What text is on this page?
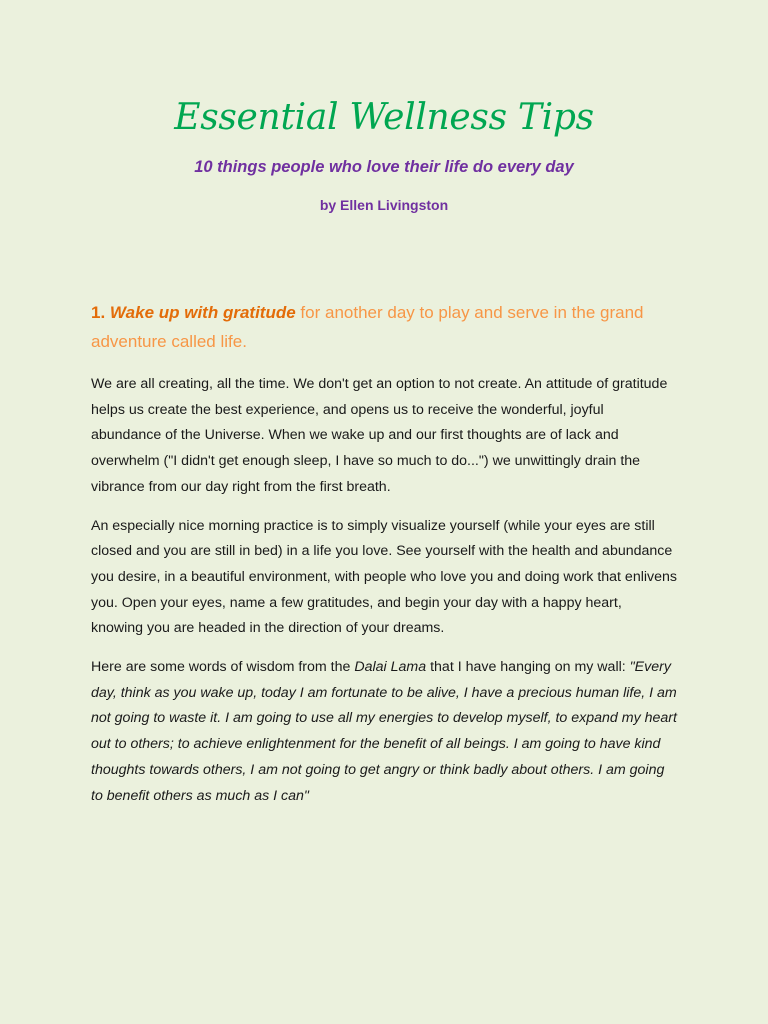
Essential Wellness Tips

10 things people who love their life do every day

by Ellen Livingston

1. Wake up with gratitude for another day to play and serve in the grand adventure called life.

We are all creating, all the time. We don't get an option to not create. An attitude of gratitude helps us create the best experience, and opens us to receive the wonderful, joyful abundance of the Universe. When we wake up and our first thoughts are of lack and overwhelm ("I didn't get enough sleep, I have so much to do...") we unwittingly drain the vibrance from our day right from the first breath.

An especially nice morning practice is to simply visualize yourself (while your eyes are still closed and you are still in bed) in a life you love. See yourself with the health and abundance you desire, in a beautiful environment, with people who love you and doing work that enlivens you. Open your eyes, name a few gratitudes, and begin your day with a happy heart, knowing you are headed in the direction of your dreams.

Here are some words of wisdom from the Dalai Lama that I have hanging on my wall: "Every day, think as you wake up, today I am fortunate to be alive, I have a precious human life, I am not going to waste it. I am going to use all my energies to develop myself, to expand my heart out to others; to achieve enlightenment for the benefit of all beings. I am going to have kind thoughts towards others, I am not going to get angry or think badly about others. I am going to benefit others as much as I can"
